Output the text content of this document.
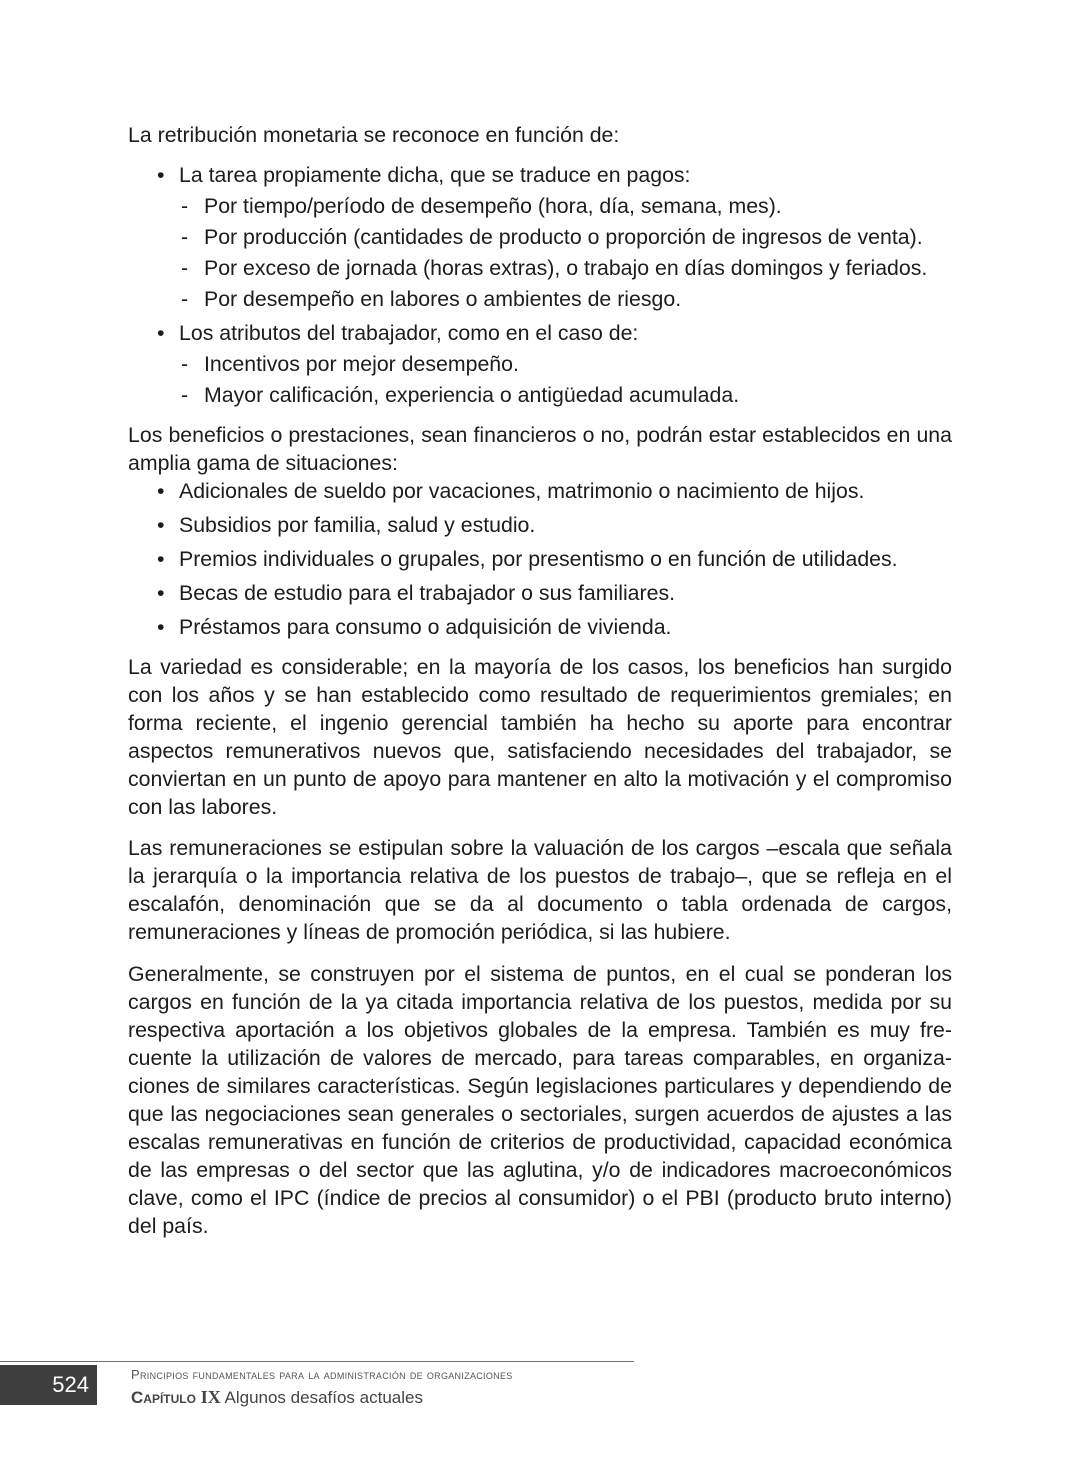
La retribución monetaria se reconoce en función de:

• La tarea propiamente dicha, que se traduce en pagos:
- Por tiempo/período de desempeño (hora, día, semana, mes).
- Por producción (cantidades de producto o proporción de ingresos de venta).
- Por exceso de jornada (horas extras), o trabajo en días domingos y feriados.
- Por desempeño en labores o ambientes de riesgo.
• Los atributos del trabajador, como en el caso de:
- Incentivos por mejor desempeño.
- Mayor calificación, experiencia o antigüedad acumulada.

Los beneficios o prestaciones, sean financieros o no, podrán estar establecidos en una amplia gama de situaciones:

• Adicionales de sueldo por vacaciones, matrimonio o nacimiento de hijos.
• Subsidios por familia, salud y estudio.
• Premios individuales o grupales, por presentismo o en función de utilidades.
• Becas de estudio para el trabajador o sus familiares.
• Préstamos para consumo o adquisición de vivienda.

La variedad es considerable; en la mayoría de los casos, los beneficios han surgido con los años y se han establecido como resultado de requerimientos gremiales; en forma reciente, el ingenio gerencial también ha hecho su aporte para encontrar aspectos remunerativos nuevos que, satisfaciendo necesidades del trabajador, se conviertan en un punto de apoyo para mantener en alto la motivación y el compromiso con las labores.

Las remuneraciones se estipulan sobre la valuación de los cargos –escala que señala la jerarquía o la importancia relativa de los puestos de trabajo–, que se refleja en el escalafón, denominación que se da al documento o tabla ordenada de cargos, remuneraciones y líneas de promoción periódica, si las hubiere.

Generalmente, se construyen por el sistema de puntos, en el cual se ponderan los cargos en función de la ya citada importancia relativa de los puestos, medida por su respectiva aportación a los objetivos globales de la empresa. También es muy frecuente la utilización de valores de mercado, para tareas comparables, en organizaciones de similares características. Según legislaciones particulares y dependiendo de que las negociaciones sean generales o sectoriales, surgen acuerdos de ajustes a las escalas remunerativas en función de criterios de productividad, capacidad económica de las empresas o del sector que las aglutina, y/o de indicadores macroeconómicos clave, como el IPC (índice de precios al consumidor) o el PBI (producto bruto interno) del país.

524	Principios fundamentales para la administración de organizaciones
Capítulo IX Algunos desafíos actuales
